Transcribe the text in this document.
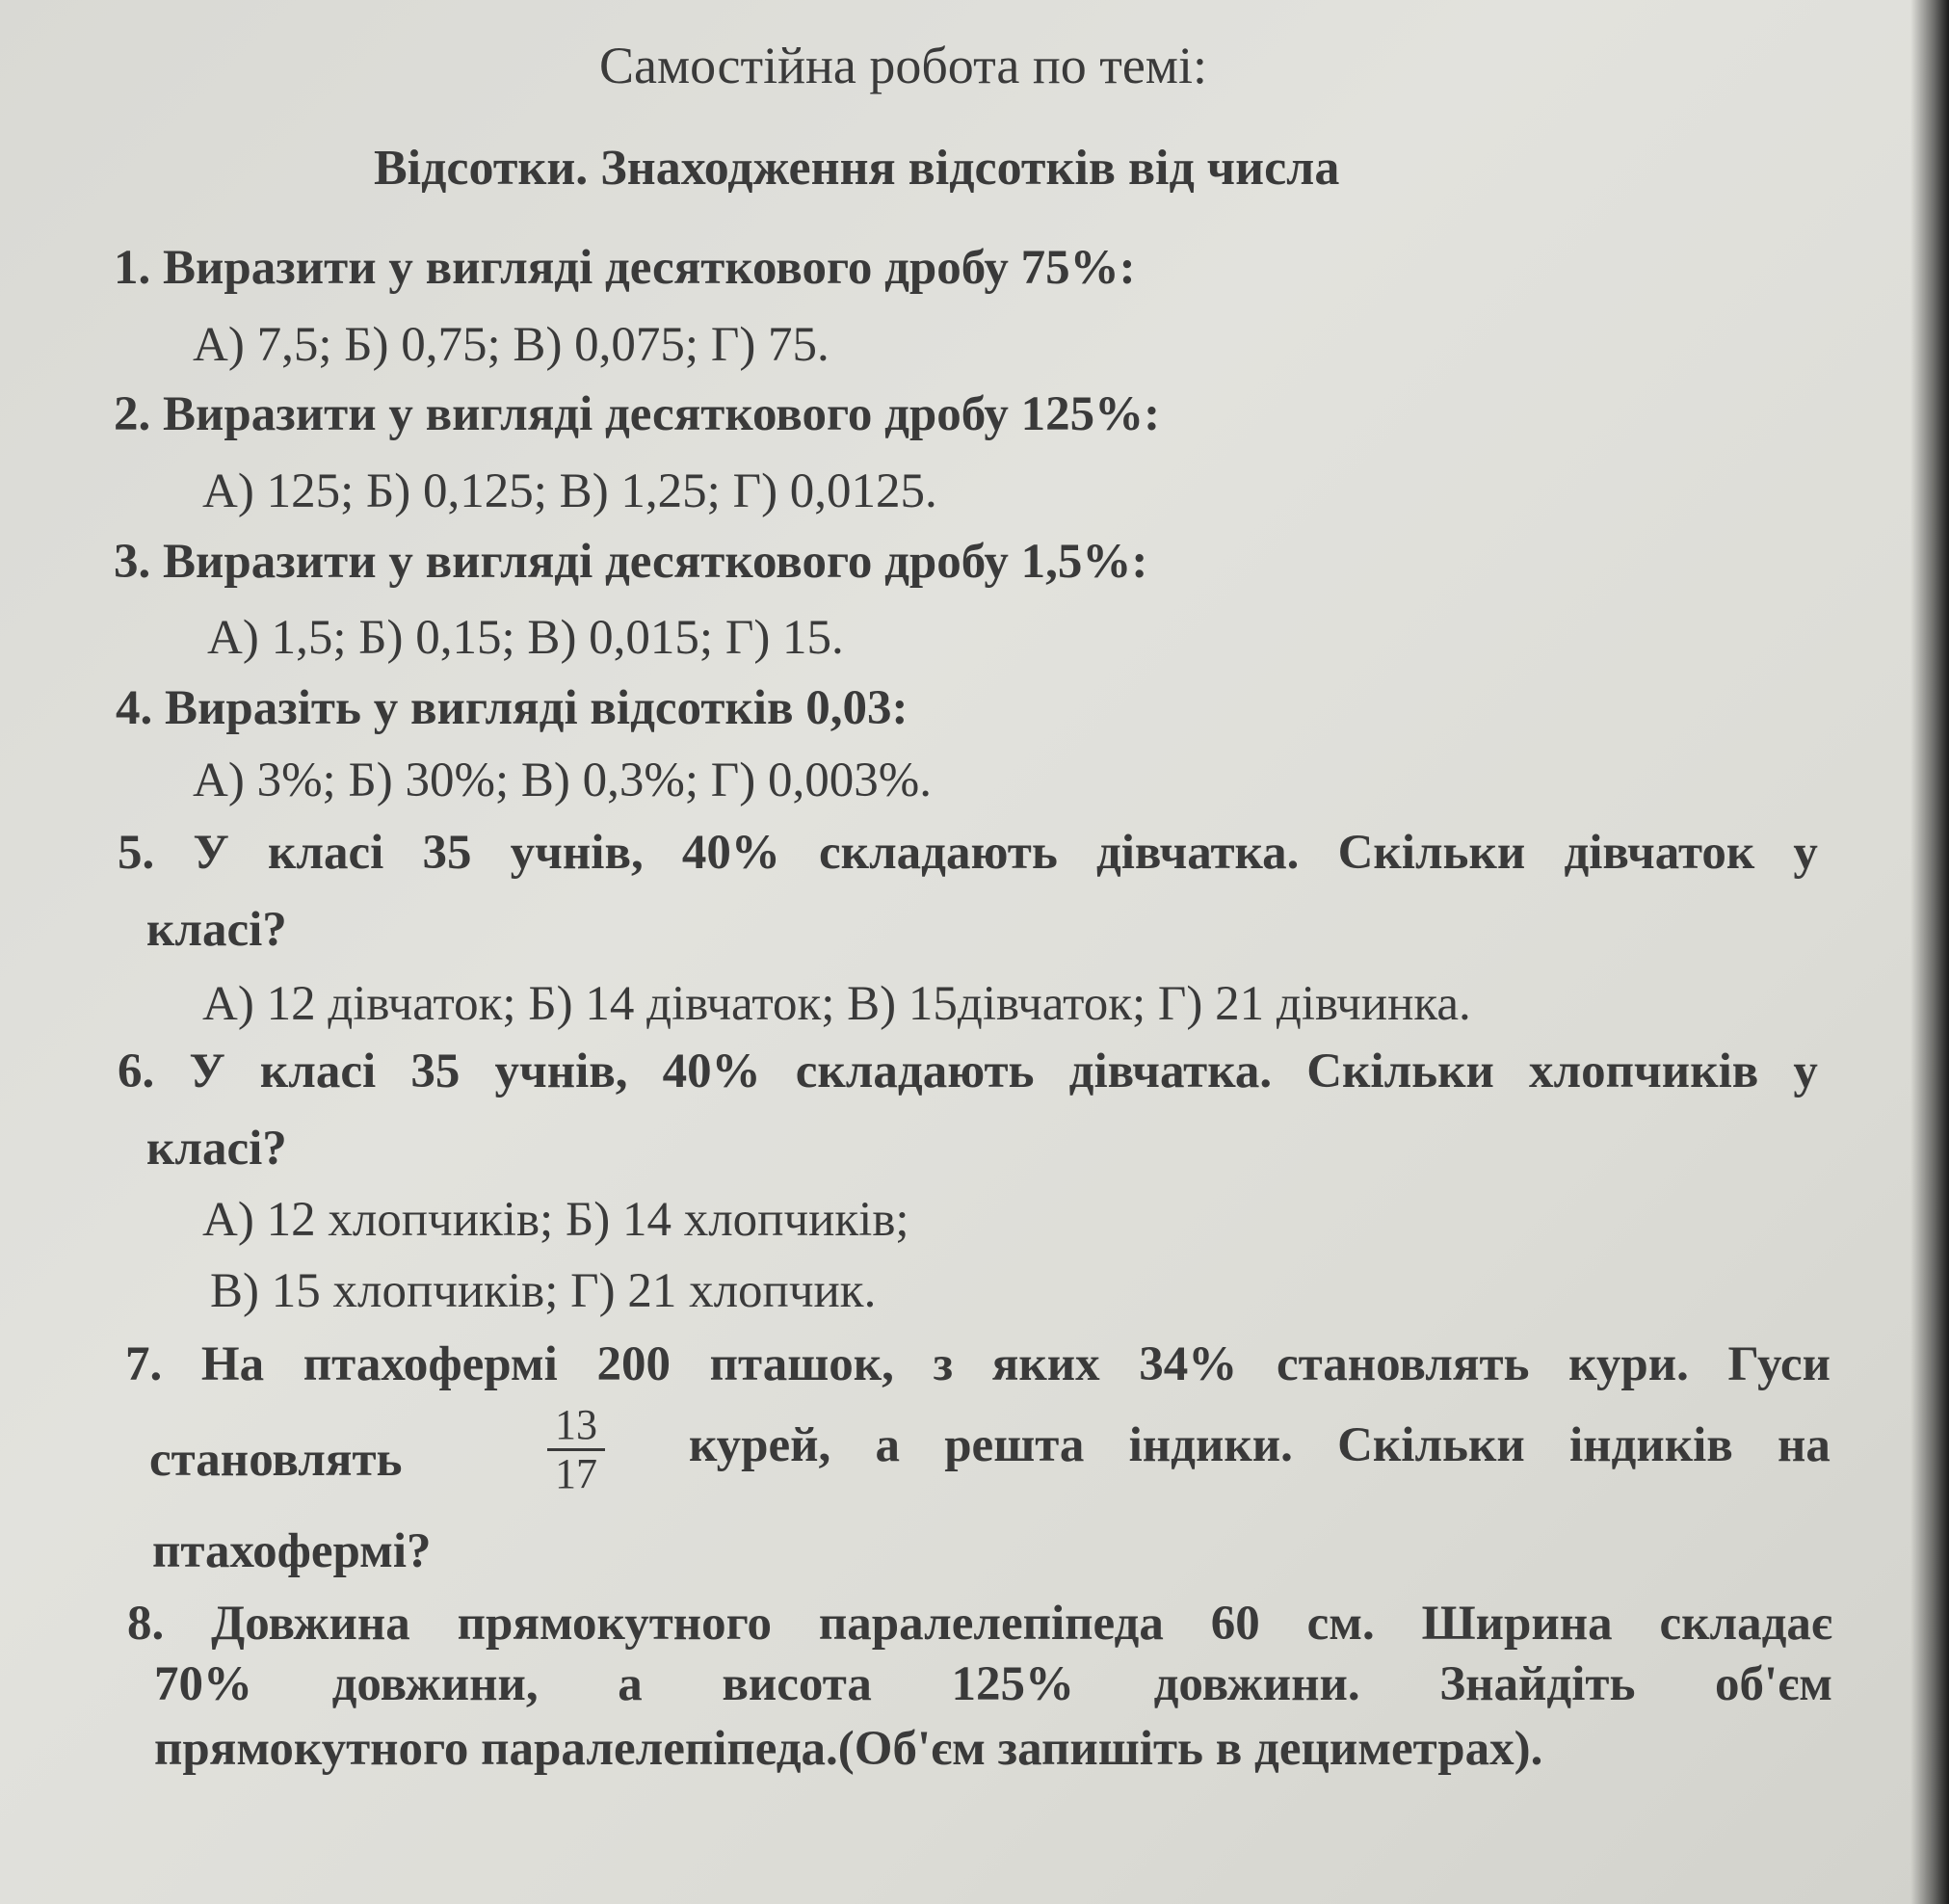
Самостійна робота по темі:
Відсотки. Знаходження відсотків від числа
1. Виразити у вигляді десяткового дробу 75%:
А) 7,5; Б) 0,75; В) 0,075; Г) 75.
2. Виразити у вигляді десяткового дробу 125%:
А) 125; Б) 0,125; В) 1,25; Г) 0,0125.
3. Виразити у вигляді десяткового дробу 1,5%:
А) 1,5; Б) 0,15; В) 0,015; Г) 15.
4. Виразіть у вигляді відсотків 0,03:
А) 3%; Б) 30%; В) 0,3%; Г) 0,003%.
5. У класі 35 учнів, 40% складають дівчатка. Скільки дівчаток у
класі?
А) 12 дівчаток; Б) 14 дівчаток; В) 15дівчаток; Г) 21 дівчинка.
6. У класі 35 учнів, 40% складають дівчатка. Скільки хлопчиків у
класі?
А) 12 хлопчиків; Б) 14 хлопчиків;
В) 15 хлопчиків; Г) 21 хлопчик.
7. На птахофермі 200 пташок, з яких 34% становлять кури. Гуси
становлять	$\frac{13}{17}$ курей, а решта індики. Скільки індиків на
птахофермі?
8. Довжина прямокутного паралелепіпеда 60 см. Ширина складає
70% довжини, а висота 125% довжини. Знайдіть об'єм
прямокутного паралелепіпеда.(Об'єм запишіть в дециметрах).
